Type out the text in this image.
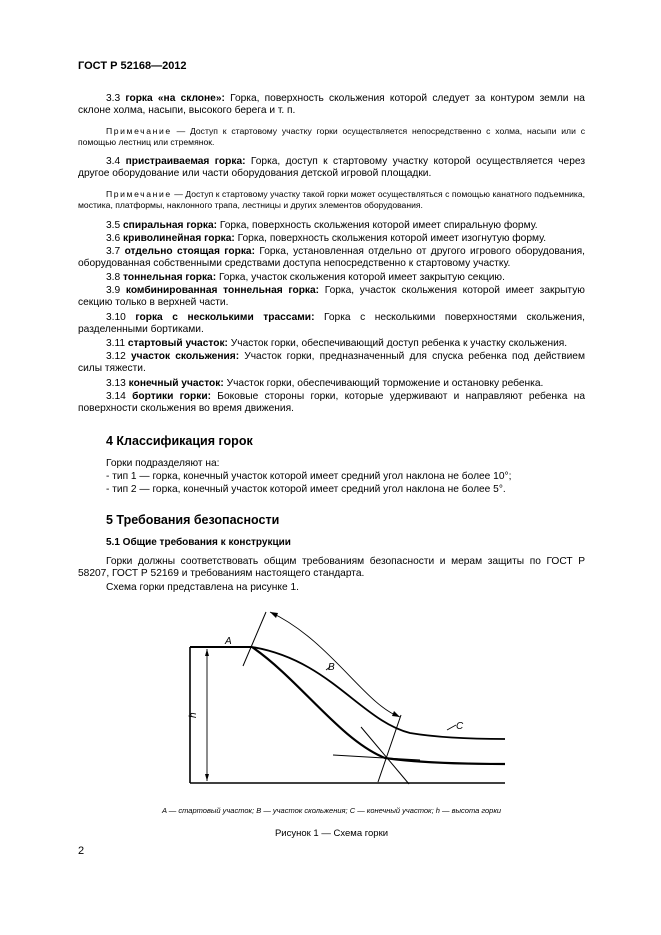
ГОСТ Р 52168—2012
3.3 горка «на склоне»: Горка, поверхность скольжения которой следует за контуром земли на склоне холма, насыпи, высокого берега и т. п.
Примечание — Доступ к стартовому участку горки осуществляется непосредственно с холма, насыпи или с помощью лестниц или стремянок.
3.4 пристраиваемая горка: Горка, доступ к стартовому участку которой осуществляется через другое оборудование или части оборудования детской игровой площадки.
Примечание — Доступ к стартовому участку такой горки может осуществляться с помощью канатного подъемника, мостика, платформы, наклонного трапа, лестницы и других элементов оборудования.
3.5 спиральная горка: Горка, поверхность скольжения которой имеет спиральную форму.
3.6 криволинейная горка: Горка, поверхность скольжения которой имеет изогнутую форму.
3.7 отдельно стоящая горка: Горка, установленная отдельно от другого игрового оборудования, оборудованная собственными средствами доступа непосредственно к стартовому участку.
3.8 тоннельная горка: Горка, участок скольжения которой имеет закрытую секцию.
3.9 комбинированная тоннельная горка: Горка, участок скольжения которой имеет закрытую секцию только в верхней части.
3.10 горка с несколькими трассами: Горка с несколькими поверхностями скольжения, разделенными бортиками.
3.11 стартовый участок: Участок горки, обеспечивающий доступ ребенка к участку скольжения.
3.12 участок скольжения: Участок горки, предназначенный для спуска ребенка под действием силы тяжести.
3.13 конечный участок: Участок горки, обеспечивающий торможение и остановку ребенка.
3.14 бортики горки: Боковые стороны горки, которые удерживают и направляют ребенка на поверхности скольжения во время движения.
4 Классификация горок
Горки подразделяют на:
- тип 1 — горка, конечный участок которой имеет средний угол наклона не более 10°;
- тип 2 — горка, конечный участок которой имеет средний угол наклона не более 5°.
5 Требования безопасности
5.1 Общие требования к конструкции
Горки должны соответствовать общим требованиям безопасности и мерам защиты по ГОСТ Р 58207, ГОСТ Р 52169 и требованиям настоящего стандарта.
Схема горки представлена на рисунке 1.
A
B
C
h
A — стартовый участок; B — участок скольжения; C — конечный участок; h — высота горки
Рисунок 1 — Схема горки
2
